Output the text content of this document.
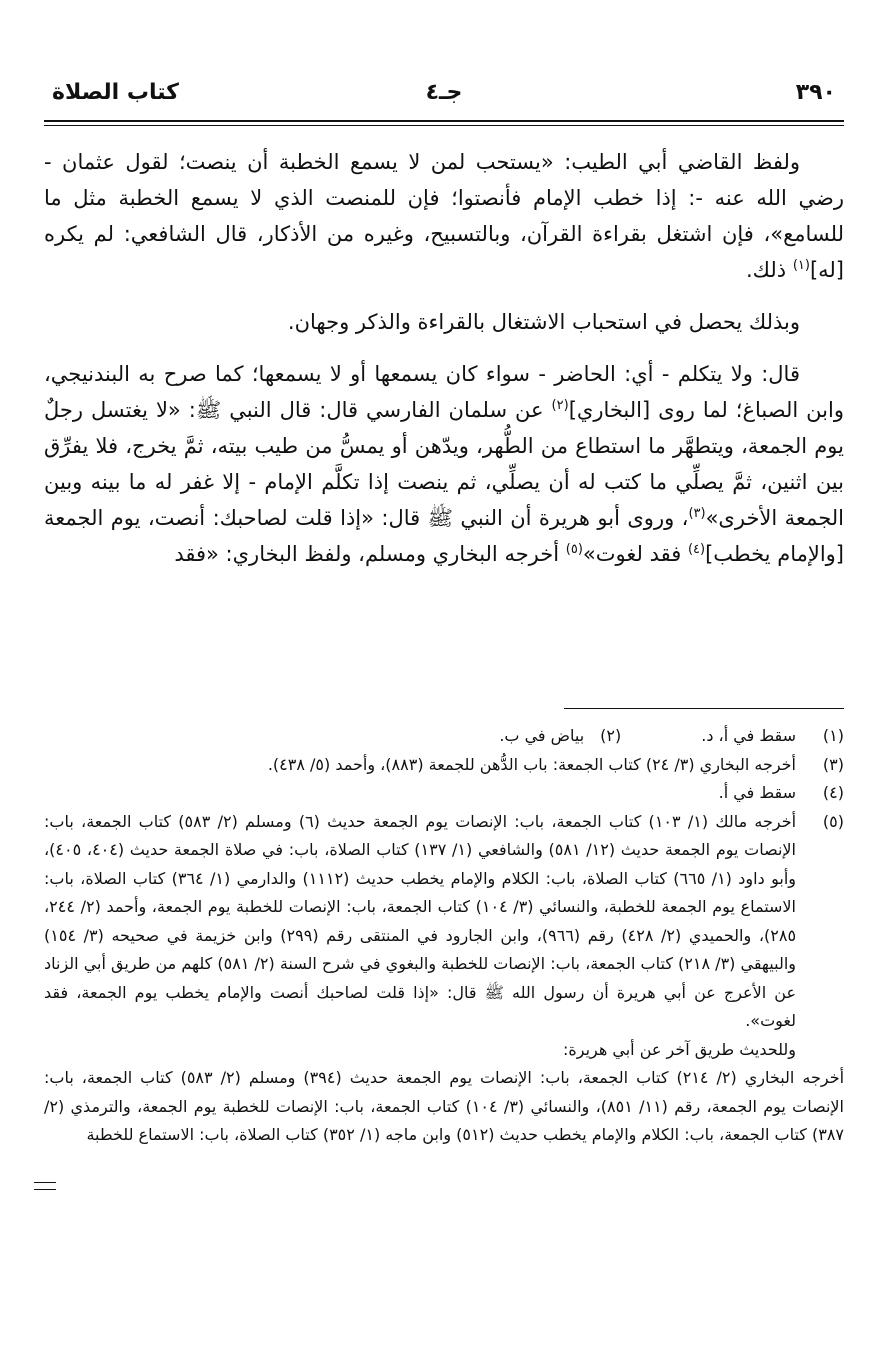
٣٩٠
جـ٤
كتاب الصلاة

ولفظ القاضي أبي الطيب: «يستحب لمن لا يسمع الخطبة أن ينصت؛ لقول عثمان - رضي الله عنه -: إذا خطب الإمام فأنصتوا؛ فإن للمنصت الذي لا يسمع الخطبة مثل ما للسامع»، فإن اشتغل بقراءة القرآن، وبالتسبيح، وغيره من الأذكار، قال الشافعي: لم يكره [له]$^{(١)}$ ذلك.

وبذلك يحصل في استحباب الاشتغال بالقراءة والذكر وجهان.

قال: ولا يتكلم - أي: الحاضر - سواء كان يسمعها أو لا يسمعها؛ كما صرح به البندنيجي، وابن الصباغ؛ لما روى [البخاري]$^{(٢)}$ عن سلمان الفارسي قال: قال النبي ﷺ: «لا يغتسل رجلٌ يوم الجمعة، ويتطهَّر ما استطاع من الطُّهر، ويدّهن أو يمسُّ من طيب بيته، ثمَّ يخرج، فلا يفرِّق بين اثنين، ثمَّ يصلِّي ما كتب له أن يصلِّي، ثم ينصت إذا تكلَّم الإمام - إلا غفر له ما بينه وبين الجمعة الأخرى»$^{(٣)}$، وروى أبو هريرة أن النبي ﷺ قال: «إذا قلت لصاحبك: أنصت، يوم الجمعة [والإمام يخطب]$^{(٤)}$ فقد لغوت»$^{(٥)}$ أخرجه البخاري ومسلم، ولفظ البخاري: «فقد

(١)
سقط في أ، د.
(٢)
بياض في ب.
(٣)
أخرجه البخاري (٣/ ٢٤) كتاب الجمعة: باب الدُّهن للجمعة (٨٨٣)، وأحمد (٥/ ٤٣٨).
(٤)
سقط في أ.
(٥)
أخرجه مالك (١/ ١٠٣) كتاب الجمعة، باب: الإنصات يوم الجمعة حديث (٦) ومسلم (٢/ ٥٨٣) كتاب الجمعة، باب: الإنصات يوم الجمعة حديث (١٢/ ٥٨١) والشافعي (١/ ١٣٧) كتاب الصلاة، باب: في صلاة الجمعة حديث (٤٠٤، ٤٠٥)، وأبو داود (١/ ٦٦٥) كتاب الصلاة، باب: الكلام والإمام يخطب حديث (١١١٢) والدارمي (١/ ٣٦٤) كتاب الصلاة، باب: الاستماع يوم الجمعة للخطبة، والنسائي (٣/ ١٠٤) كتاب الجمعة، باب: الإنصات للخطبة يوم الجمعة، وأحمد (٢/ ٢٤٤، ٢٨٥)، والحميدي (٢/ ٤٢٨) رقم (٩٦٦)، وابن الجارود في المنتقى رقم (٢٩٩) وابن خزيمة في صحيحه (٣/ ١٥٤) والبيهقي (٣/ ٢١٨) كتاب الجمعة، باب: الإنصات للخطبة والبغوي في شرح السنة (٢/ ٥٨١) كلهم من طريق أبي الزناد عن الأعرج عن أبي هريرة أن رسول الله ﷺ قال: «إذا قلت لصاحبك أنصت والإمام يخطب يوم الجمعة، فقد لغوت».
وللحديث طريق آخر عن أبي هريرة:
أخرجه البخاري (٢/ ٢١٤) كتاب الجمعة، باب: الإنصات يوم الجمعة حديث (٣٩٤) ومسلم (٢/ ٥٨٣) كتاب الجمعة، باب: الإنصات يوم الجمعة، رقم (١١/ ٨٥١)، والنسائي (٣/ ١٠٤) كتاب الجمعة، باب: الإنصات للخطبة يوم الجمعة، والترمذي (٢/ ٣٨٧) كتاب الجمعة، باب: الكلام والإمام يخطب حديث (٥١٢) وابن ماجه (١/ ٣٥٢) كتاب الصلاة، باب: الاستماع للخطبة
